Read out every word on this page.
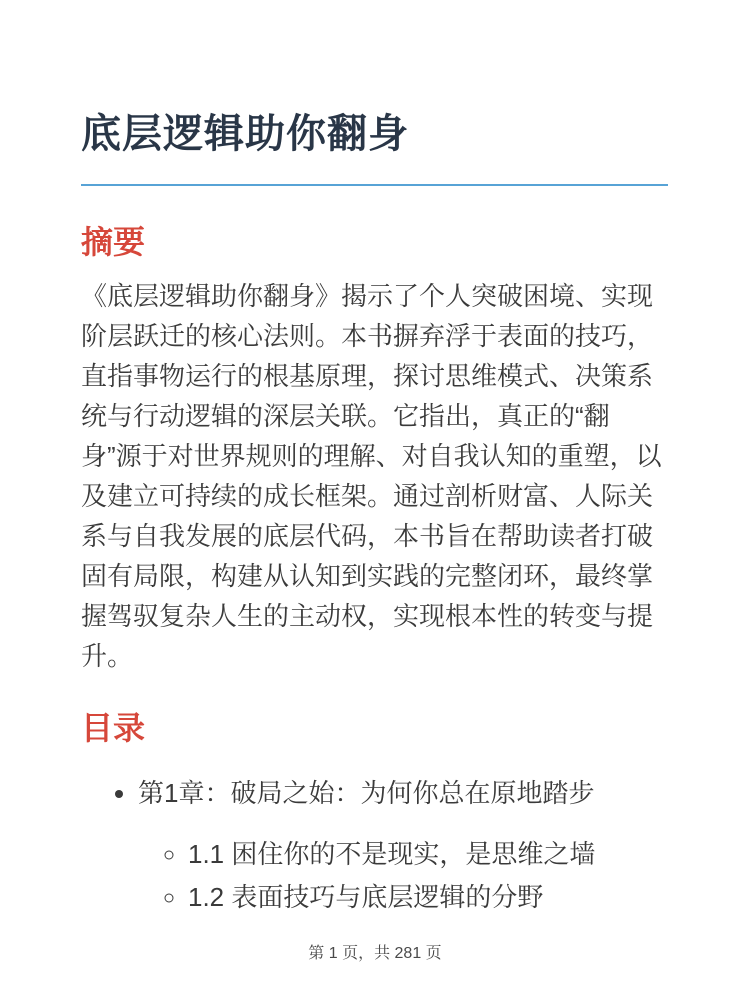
底层逻辑助你翻身
摘要

《底层逻辑助你翻身》揭示了个人突破困境、实现阶层跃迁的核心法则。本书摒弃浮于表面的技巧，直指事物运行的根基原理，探讨思维模式、决策系统与行动逻辑的深层关联。它指出，真正的“翻身”源于对世界规则的理解、对自我认知的重塑，以及建立可持续的成长框架。通过剖析财富、人际关系与自我发展的底层代码，本书旨在帮助读者打破固有局限，构建从认知到实践的完整闭环，最终掌握驾驭复杂人生的主动权，实现根本性的转变与提升。

目录
• 第1章：破局之始：为何你总在原地踏步
◦ 1.1 困住你的不是现实，是思维之墙
◦ 1.2 表面技巧与底层逻辑的分野
第 1 页，共 281 页
